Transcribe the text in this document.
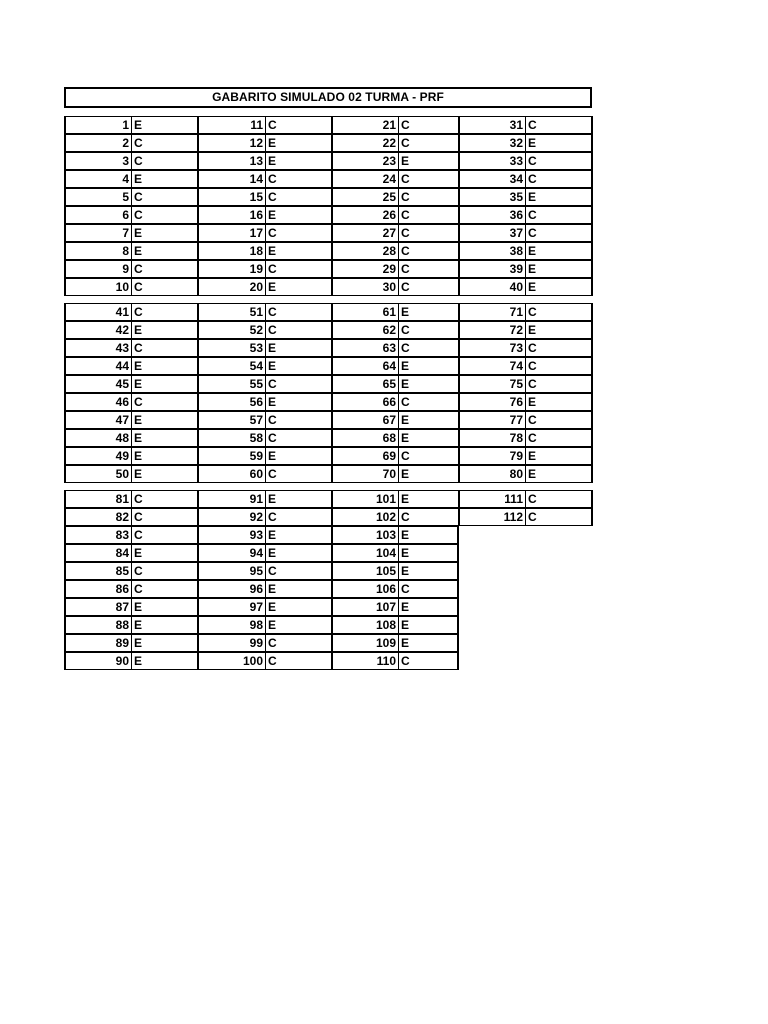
GABARITO SIMULADO 02 TURMA - PRF
1 E
2 C
3 C
4 E
5 C
6 C
7 E
8 E
9 C
10 C
11 C
12 E
13 E
14 C
15 C
16 E
17 C
18 E
19 C
20 E
21 C
22 C
23 E
24 C
25 C
26 C
27 C
28 C
29 C
30 C
31 C
32 E
33 C
34 C
35 E
36 C
37 C
38 E
39 E
40 E
41 C
42 E
43 C
44 E
45 E
46 C
47 E
48 E
49 E
50 E
51 C
52 C
53 E
54 E
55 C
56 E
57 C
58 C
59 E
60 C
61 E
62 C
63 C
64 E
65 E
66 C
67 E
68 E
69 C
70 E
71 C
72 E
73 C
74 C
75 C
76 E
77 C
78 C
79 E
80 E
81 C
82 C
83 C
84 E
85 C
86 C
87 E
88 E
89 E
90 E
91 E
92 C
93 E
94 E
95 C
96 E
97 E
98 E
99 C
100 C
101 E
102 C
103 E
104 E
105 E
106 C
107 E
108 E
109 E
110 C
111 C
112 C
